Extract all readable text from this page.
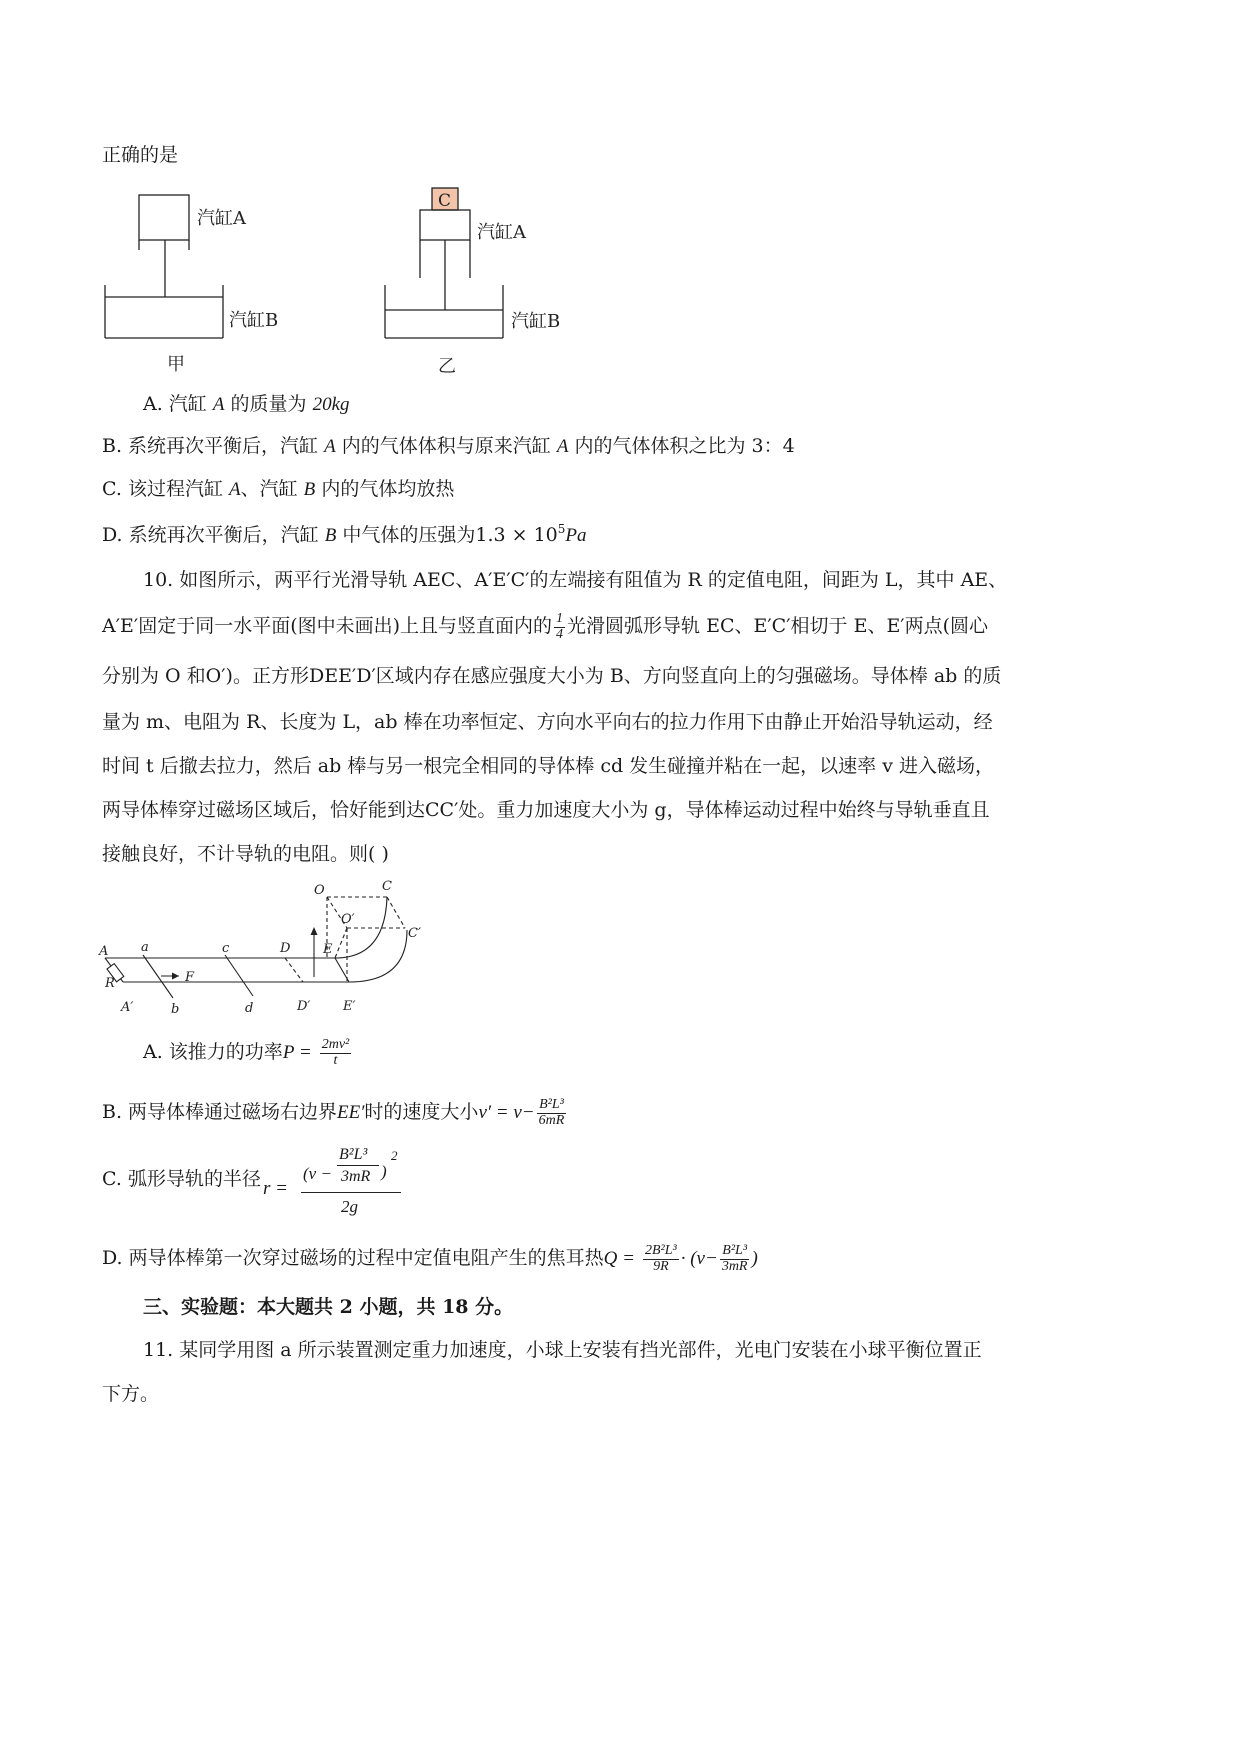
正确的是
汽缸A
汽缸B
甲
C
汽缸A
汽缸B
乙
A. 汽缸 A 的质量为 20kg
B. 系统再次平衡后，汽缸 A 内的气体体积与原来汽缸 A 内的气体体积之比为 3：4
C. 该过程汽缸 A、汽缸 B 内的气体均放热
D. 系统再次平衡后，汽缸 B 中气体的压强为$1.3 \times 10^5Pa$
10. 如图所示，两平行光滑导轨 AEC、A′E′C′的左端接有阻值为 R 的定值电阻，间距为 L，其中 AE、
A′E′固定于同一水平面(图中未画出)上且与竖直面内的 $\frac{1}{4}$ 光滑圆弧形导轨 EC、E′C′相切于 E、E′两点(圆心
分别为 O 和O′)。正方形DEE′D′区域内存在感应强度大小为 B、方向竖直向上的匀强磁场。导体棒 ab 的质
量为 m、电阻为 R、长度为 L，ab 棒在功率恒定、方向水平向右的拉力作用下由静止开始沿导轨运动，经
时间 t 后撤去拉力，然后 ab 棒与另一根完全相同的导体棒 cd 发生碰撞并粘在一起，以速率 v 进入磁场，
两导体棒穿过磁场区域后，恰好能到达CC′处。重力加速度大小为 g，导体棒运动过程中始终与导轨垂直且
接触良好，不计导轨的电阻。则( )
A	a	c	D	E
R	F
A′	b	d	D′	E′
O	C
O′
C′
A. 该推力的功率$P = \frac{\text{2mv²}}{t}$
B. 两导体棒通过磁场右边界EE′时的速度大小$v' = v- \frac{\text{B²L³}}{6mR}$
C. 弧形导轨的半径 r =
(v −
B²L³
3mR )
2
2g
D. 两导体棒第一次穿过磁场的过程中定值电阻产生的焦耳热$Q = \frac{\text{2B²L³}}{9R} \cdot (v- \frac{\text{B²L³}}{3mR}$ )
三、实验题：本大题共 2 小题，共 18 分。
11. 某同学用图 a 所示装置测定重力加速度，小球上安装有挡光部件，光电门安装在小球平衡位置正
下方。
